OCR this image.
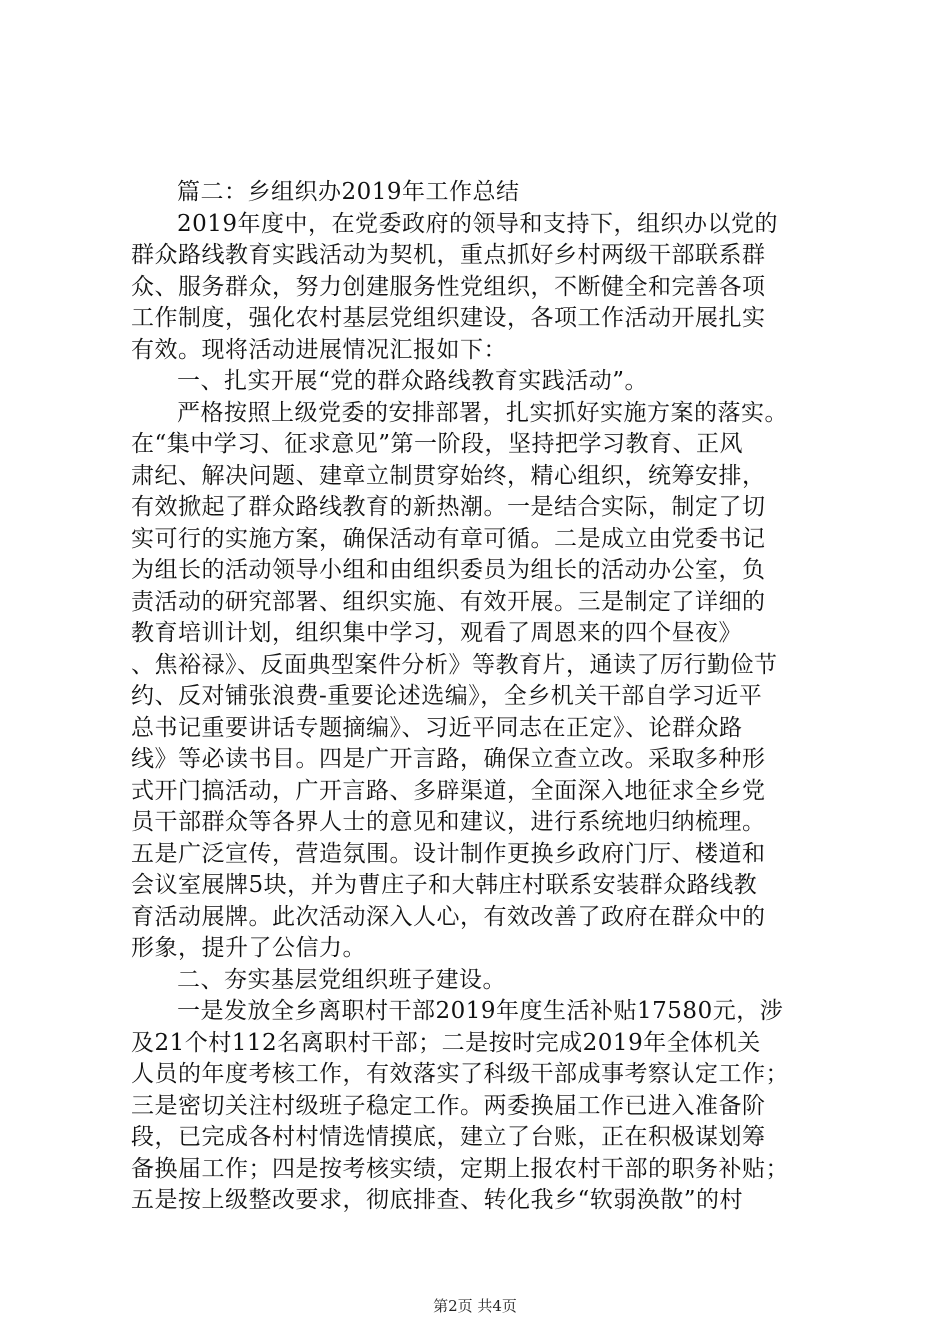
篇二：乡组织办2019年工作总结
2019年度中，在党委政府的领导和支持下，组织办以党的
群众路线教育实践活动为契机，重点抓好乡村两级干部联系群
众、服务群众，努力创建服务性党组织，不断健全和完善各项
工作制度，强化农村基层党组织建设，各项工作活动开展扎实
有效。现将活动进展情况汇报如下：
一、扎实开展“党的群众路线教育实践活动”。
严格按照上级党委的安排部署，扎实抓好实施方案的落实。
在“集中学习、征求意见”第一阶段，坚持把学习教育、正风
肃纪、解决问题、建章立制贯穿始终，精心组织，统筹安排，
有效掀起了群众路线教育的新热潮。一是结合实际，制定了切
实可行的实施方案，确保活动有章可循。二是成立由党委书记
为组长的活动领导小组和由组织委员为组长的活动办公室，负
责活动的研究部署、组织实施、有效开展。三是制定了详细的
教育培训计划，组织集中学习，观看了周恩来的四个昼夜》
、焦裕禄》、反面典型案件分析》等教育片，通读了厉行勤俭节
约、反对铺张浪费-重要论述选编》，全乡机关干部自学习近平
总书记重要讲话专题摘编》、习近平同志在正定》、论群众路
线》等必读书目。四是广开言路，确保立查立改。采取多种形
式开门搞活动，广开言路、多辟渠道，全面深入地征求全乡党
员干部群众等各界人士的意见和建议，进行系统地归纳梳理。
五是广泛宣传，营造氛围。设计制作更换乡政府门厅、楼道和
会议室展牌5块，并为曹庄子和大韩庄村联系安装群众路线教
育活动展牌。此次活动深入人心，有效改善了政府在群众中的
形象，提升了公信力。
二、夯实基层党组织班子建设。
一是发放全乡离职村干部2019年度生活补贴17580元，涉
及21个村112名离职村干部；二是按时完成2019年全体机关
人员的年度考核工作，有效落实了科级干部成事考察认定工作；
三是密切关注村级班子稳定工作。两委换届工作已进入准备阶
段，已完成各村村情选情摸底，建立了台账，正在积极谋划筹
备换届工作；四是按考核实绩，定期上报农村干部的职务补贴；
五是按上级整改要求，彻底排查、转化我乡“软弱涣散”的村
第2页 共4页
